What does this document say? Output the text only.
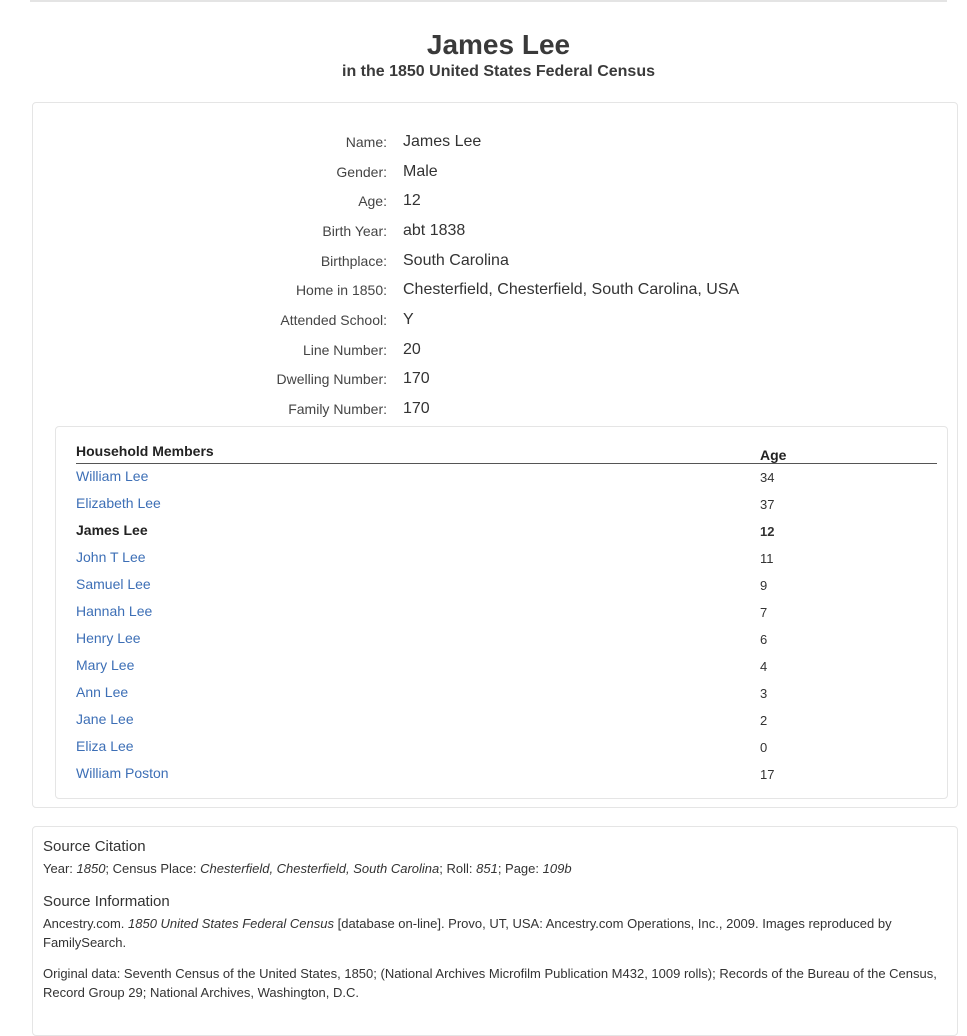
James Lee
in the 1850 United States Federal Census
Name: James Lee
Gender: Male
Age: 12
Birth Year: abt 1838
Birthplace: South Carolina
Home in 1850: Chesterfield, Chesterfield, South Carolina, USA
Attended School: Y
Line Number: 20
Dwelling Number: 170
Family Number: 170
Household Members	Age
William Lee	34
Elizabeth Lee	37
James Lee	12
John T Lee	11
Samuel Lee	9
Hannah Lee	7
Henry Lee	6
Mary Lee	4
Ann Lee	3
Jane Lee	2
Eliza Lee	0
William Poston	17
Source Citation

Year: 1850; Census Place: Chesterfield, Chesterfield, South Carolina; Roll: 851; Page: 109b

Source Information

Ancestry.com. 1850 United States Federal Census [database on-line]. Provo, UT, USA: Ancestry.com Operations, Inc., 2009. Images reproduced by FamilySearch.

Original data: Seventh Census of the United States, 1850; (National Archives Microfilm Publication M432, 1009 rolls); Records of the Bureau of the Census, Record Group 29; National Archives, Washington, D.C.
